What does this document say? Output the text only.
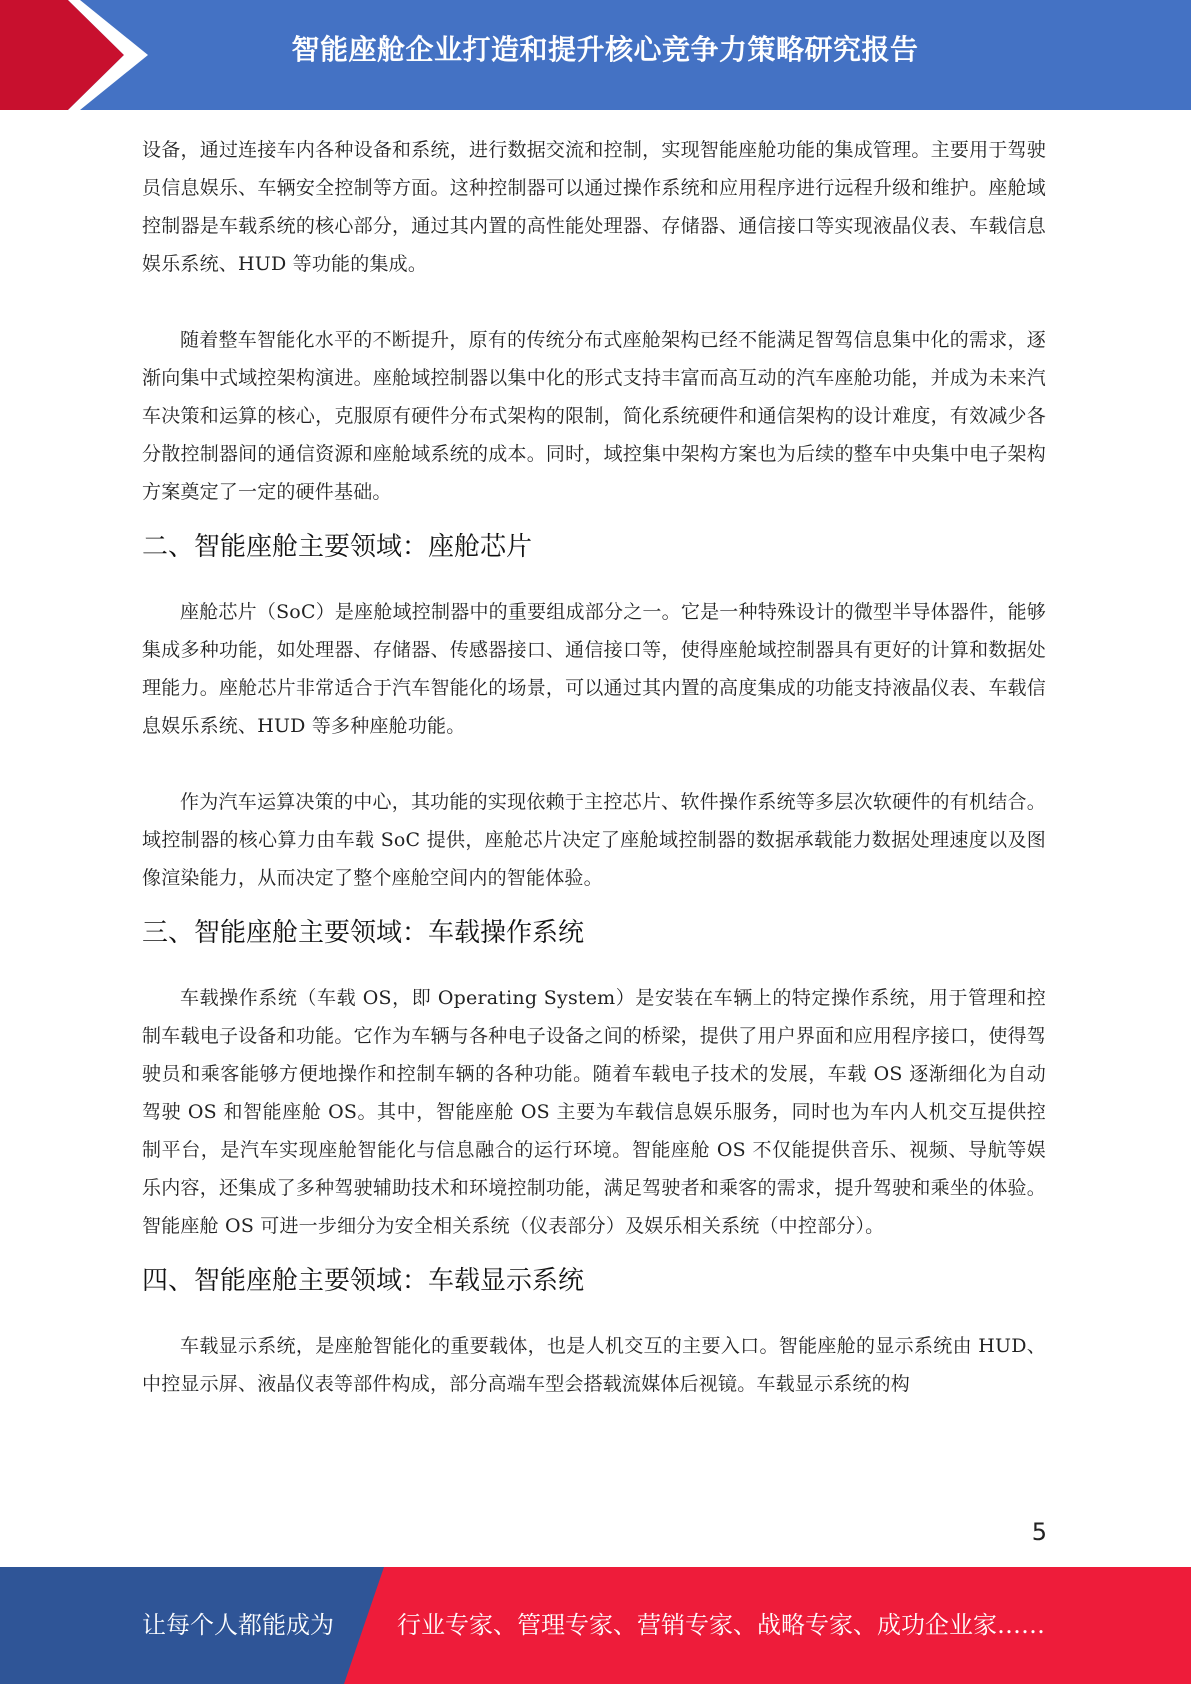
智能座舱企业打造和提升核心竞争力策略研究报告

设备，通过连接车内各种设备和系统，进行数据交流和控制，实现智能座舱功能的集成管理。主要用于驾驶员信息娱乐、车辆安全控制等方面。这种控制器可以通过操作系统和应用程序进行远程升级和维护。座舱域控制器是车载系统的核心部分，通过其内置的高性能处理器、存储器、通信接口等实现液晶仪表、车载信息娱乐系统、HUD 等功能的集成。

随着整车智能化水平的不断提升，原有的传统分布式座舱架构已经不能满足智驾信息集中化的需求，逐渐向集中式域控架构演进。座舱域控制器以集中化的形式支持丰富而高互动的汽车座舱功能，并成为未来汽车决策和运算的核心，克服原有硬件分布式架构的限制，简化系统硬件和通信架构的设计难度，有效减少各分散控制器间的通信资源和座舱域系统的成本。同时，域控集中架构方案也为后续的整车中央集中电子架构方案奠定了一定的硬件基础。

二、智能座舱主要领域：座舱芯片

座舱芯片（SoC）是座舱域控制器中的重要组成部分之一。它是一种特殊设计的微型半导体器件，能够集成多种功能，如处理器、存储器、传感器接口、通信接口等，使得座舱域控制器具有更好的计算和数据处理能力。座舱芯片非常适合于汽车智能化的场景，可以通过其内置的高度集成的功能支持液晶仪表、车载信息娱乐系统、HUD 等多种座舱功能。

作为汽车运算决策的中心，其功能的实现依赖于主控芯片、软件操作系统等多层次软硬件的有机结合。域控制器的核心算力由车载 SoC 提供，座舱芯片决定了座舱域控制器的数据承载能力数据处理速度以及图像渲染能力，从而决定了整个座舱空间内的智能体验。

三、智能座舱主要领域：车载操作系统

车载操作系统（车载 OS，即 Operating System）是安装在车辆上的特定操作系统，用于管理和控制车载电子设备和功能。它作为车辆与各种电子设备之间的桥梁，提供了用户界面和应用程序接口，使得驾驶员和乘客能够方便地操作和控制车辆的各种功能。随着车载电子技术的发展，车载 OS 逐渐细化为自动驾驶 OS 和智能座舱 OS。其中，智能座舱 OS 主要为车载信息娱乐服务，同时也为车内人机交互提供控制平台，是汽车实现座舱智能化与信息融合的运行环境。智能座舱 OS 不仅能提供音乐、视频、导航等娱乐内容，还集成了多种驾驶辅助技术和环境控制功能，满足驾驶者和乘客的需求，提升驾驶和乘坐的体验。智能座舱 OS 可进一步细分为安全相关系统（仪表部分）及娱乐相关系统（中控部分）。

四、智能座舱主要领域：车载显示系统

车载显示系统，是座舱智能化的重要载体，也是人机交互的主要入口。智能座舱的显示系统由 HUD、中控显示屏、液晶仪表等部件构成，部分高端车型会搭载流媒体后视镜。车载显示系统的构

5
让每个人都能成为	行业专家、管理专家、营销专家、战略专家、成功企业家……
